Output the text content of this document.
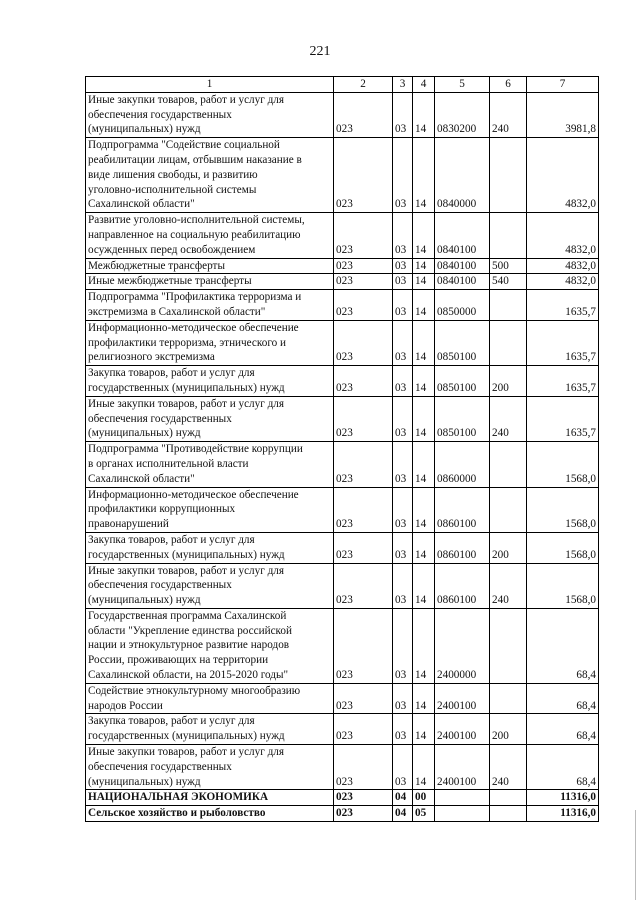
221
1	2	3	4	5	6	7
Иные закупки товаров, работ и услуг для
обеспечения государственных
(муниципальных) нужд	023	03	14	0830200	240	3981,8
Подпрограмма "Содействие социальной
реабилитации лицам, отбывшим наказание в
виде лишения свободы, и развитию
уголовно-исполнительной системы
Сахалинской области"	023	03	14	0840000		4832,0
Развитие уголовно-исполнительной системы,
направленное на социальную реабилитацию
осужденных перед освобождением	023	03	14	0840100		4832,0
Межбюджетные трансферты	023	03	14	0840100	500	4832,0
Иные межбюджетные трансферты	023	03	14	0840100	540	4832,0
Подпрограмма "Профилактика терроризма и
экстремизма в Сахалинской области"	023	03	14	0850000		1635,7
Информационно-методическое обеспечение
профилактики терроризма, этнического и
религиозного экстремизма	023	03	14	0850100		1635,7
Закупка товаров, работ и услуг для
государственных (муниципальных) нужд	023	03	14	0850100	200	1635,7
Иные закупки товаров, работ и услуг для
обеспечения государственных
(муниципальных) нужд	023	03	14	0850100	240	1635,7
Подпрограмма "Противодействие коррупции
в органах исполнительной власти
Сахалинской области"	023	03	14	0860000		1568,0
Информационно-методическое обеспечение
профилактики коррупционных
правонарушений	023	03	14	0860100		1568,0
Закупка товаров, работ и услуг для
государственных (муниципальных) нужд	023	03	14	0860100	200	1568,0
Иные закупки товаров, работ и услуг для
обеспечения государственных
(муниципальных) нужд	023	03	14	0860100	240	1568,0
Государственная программа Сахалинской
области "Укрепление единства российской
нации и этнокультурное развитие народов
России, проживающих на территории
Сахалинской области, на 2015-2020 годы"	023	03	14	2400000		68,4
Содействие этнокультурному многообразию
народов России	023	03	14	2400100		68,4
Закупка товаров, работ и услуг для
государственных (муниципальных) нужд	023	03	14	2400100	200	68,4
Иные закупки товаров, работ и услуг для
обеспечения государственных
(муниципальных) нужд	023	03	14	2400100	240	68,4
НАЦИОНАЛЬНАЯ ЭКОНОМИКА	023	04	00			11316,0
Сельское хозяйство и рыболовство	023	04	05			11316,0
